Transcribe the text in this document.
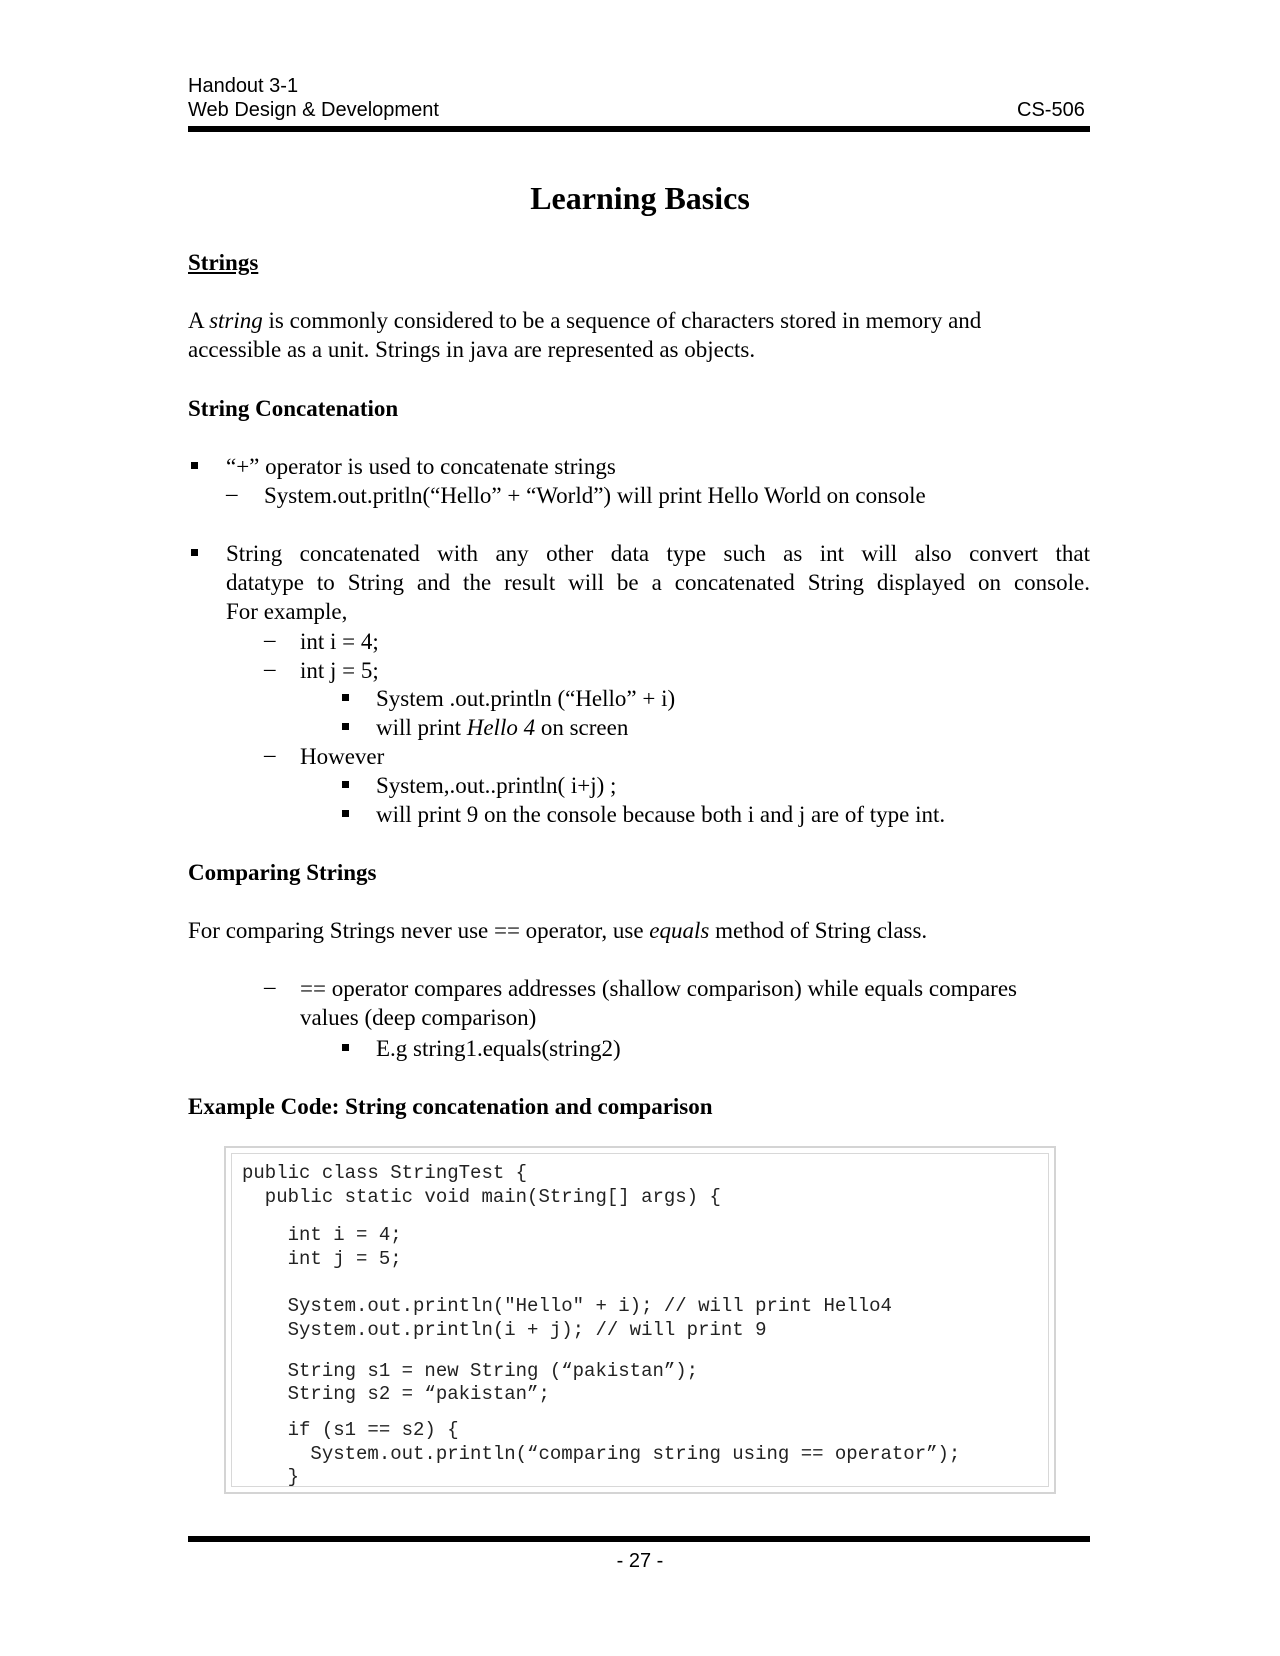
Handout 3-1
Web Design & Development	CS-506
Learning Basics
Strings
A string is commonly considered to be a sequence of characters stored in memory and
accessible as a unit. Strings in java are represented as objects.
String Concatenation
“+” operator is used to concatenate strings
– System.out.pritln(“Hello” + “World”) will print Hello World on console
String concatenated with any other data type such as int will also convert that
datatype to String and the result will be a concatenated String displayed on console.
For example,
– int i = 4;
– int j = 5;
System .out.println (“Hello” + i)
will print Hello 4 on screen
– However
System,.out..println( i+j) ;
will print 9 on the console because both i and j are of type int.
Comparing Strings
For comparing Strings never use == operator, use equals method of String class.
– == operator compares addresses (shallow comparison) while equals compares
values (deep comparison)
E.g string1.equals(string2)
Example Code: String concatenation and comparison
public class StringTest {
public static void main(String[] args) {
int i = 4;
int j = 5;
System.out.println("Hello" + i); // will print Hello4
System.out.println(i + j); // will print 9
String s1 = new String (“pakistan”);
String s2 = “pakistan”;
if (s1 == s2) {
System.out.println(“comparing string using == operator”);
}
- 27 -
